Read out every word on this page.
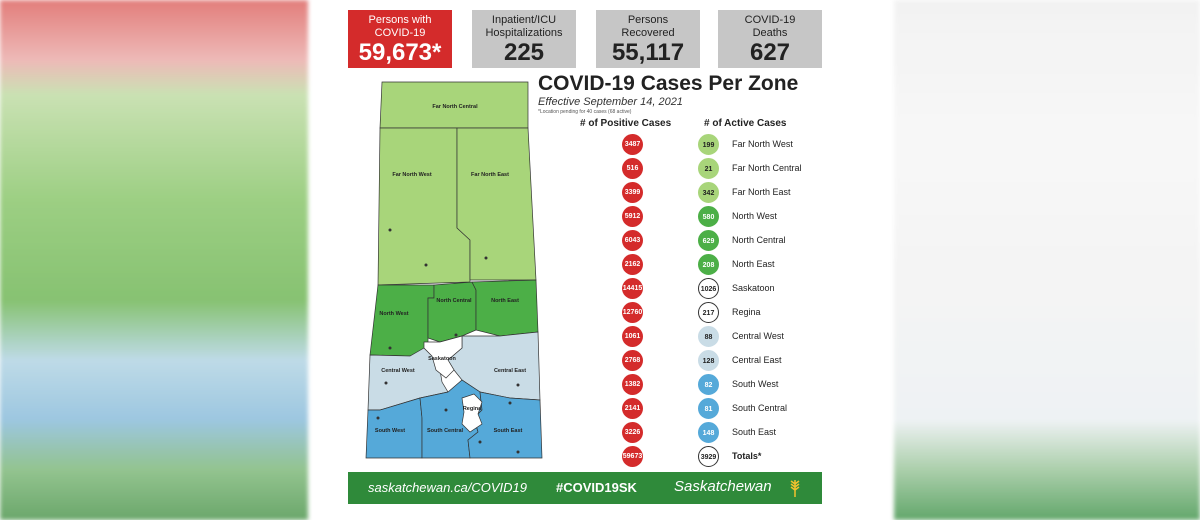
Persons with COVID-19
59,673*
Inpatient/ICU Hospitalizations
225
Persons Recovered
55,117
COVID-19 Deaths
627
COVID-19 Cases Per Zone
Effective September 14, 2021
*Location pending for 40 cases (68 active)
Far North Central
Far North West	Far North East
North West
North Central	North East
Saskatoon
Central West	Central East
Regina
South West	South Central	South East
# of Positive Cases	# of Active Cases
3487	199	Far North West
516	21	Far North Central
3399	342	Far North East
5912	580	North West
6043	629	North Central
2162	208	North East
14415	1026	Saskatoon
12760	217	Regina
1061	88	Central West
2768	128	Central East
1382	82	South West
2141	81	South Central
3226	148	South East
59673	3929	Totals*
saskatchewan.ca/COVID19 #COVID19SK Saskatchewan
